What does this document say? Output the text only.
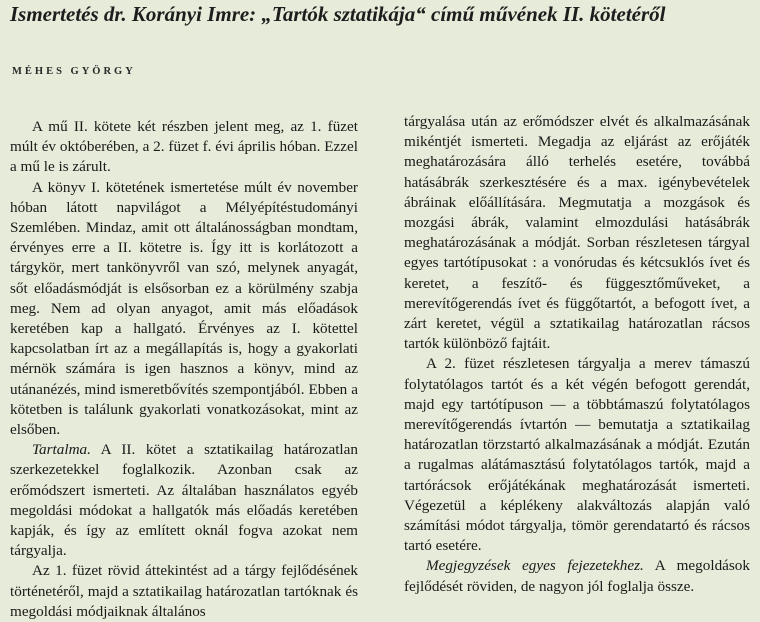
Ismertetés dr. Korányi Imre: „Tartók sztatikája“ című művének II. kötetéről
MÉHES GYÖRGY

A mű II. kötete két részben jelent meg, az 1. füzet múlt év októberében, a 2. füzet f. évi április hóban. Ezzel a mű le is zárult.

A könyv I. kötetének ismertetése múlt év november hóban látott napvilágot a Mélyépítéstudományi Szemlében. Mindaz, amit ott általánosságban mondtam, érvényes erre a II. kötetre is. Így itt is korlátozott a tárgykör, mert tankönyvről van szó, melynek anyagát, sőt előadásmódját is elsősorban ez a körülmény szabja meg. Nem ad olyan anyagot, amit más előadások keretében kap a hallgató. Érvényes az I. kötettel kapcsolatban írt az a megállapítás is, hogy a gyakorlati mérnök számára is igen hasznos a könyv, mind az utánanézés, mind ismeretbővítés szempontjából. Ebben a kötetben is találunk gyakorlati vonatkozásokat, mint az elsőben.

Tartalma. A II. kötet a sztatikailag határozatlan szerkezetekkel foglalkozik. Azonban csak az erőmódszert ismerteti. Az általában használatos egyéb megoldási módokat a hallgatók más előadás keretében kapják, és így az említett oknál fogva azokat nem tárgyalja.

Az 1. füzet rövid áttekintést ad a tárgy fejlődésének történetéről, majd a sztatikailag határozatlan tartóknak és megoldási módjaiknak általános

tárgyalása után az erőmódszer elvét és alkalmazásának mikéntjét ismerteti. Megadja az eljárást az erőjáték meghatározására álló terhelés esetére, továbbá hatásábrák szerkesztésére és a max. igénybevételek ábráinak előállítására. Megmutatja a mozgások és mozgási ábrák, valamint elmozdulási hatásábrák meghatározásának a módját. Sorban részletesen tárgyal egyes tartótípusokat : a vonórudas és kétcsuklós ívet és keretet, a feszítő- és függesztőműveket, a merevítőgerendás ívet és függőtartót, a befogott ívet, a zárt keretet, végül a sztatikailag határozatlan rácsos tartók különböző fajtáit.

A 2. füzet részletesen tárgyalja a merev támaszú folytatólagos tartót és a két végén befogott gerendát, majd egy tartótípuson — a többtámaszú folytatólagos merevítőgerendás ívtartón — bemutatja a sztatikailag határozatlan törzstartó alkalmazásának a módját. Ezután a rugalmas alátámasztású folytatólagos tartók, majd a tartórácsok erőjátékának meghatározását ismerteti. Végezetül a képlékeny alakváltozás alapján való számítási módot tárgyalja, tömör gerendatartó és rácsos tartó esetére.

Megjegyzések egyes fejezetekhez. A megoldások fejlődését röviden, de nagyon jól foglalja össze.
